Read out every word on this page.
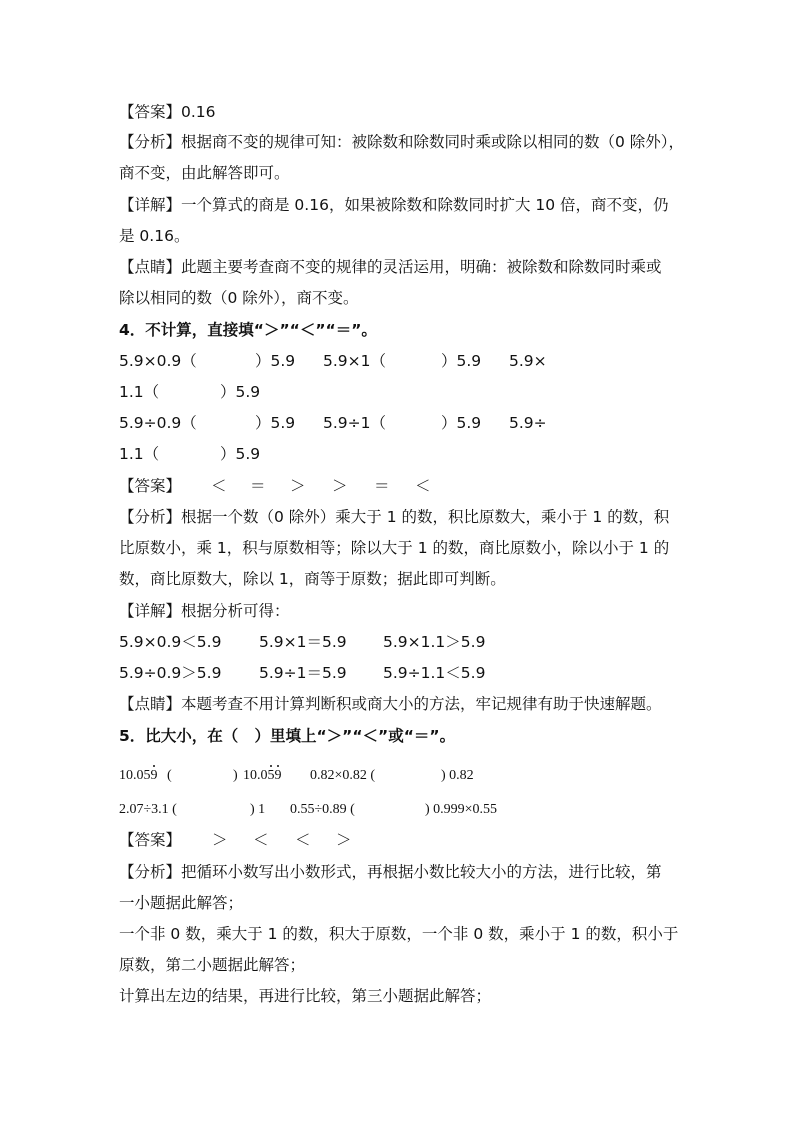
【答案】0.16
【分析】根据商不变的规律可知：被除数和除数同时乘或除以相同的数（0 除外），
商不变，由此解答即可。
【详解】一个算式的商是 0.16，如果被除数和除数同时扩大 10 倍，商不变，仍
是 0.16。
【点睛】此题主要考查商不变的规律的灵活运用，明确：被除数和除数同时乘或
除以相同的数（0 除外），商不变。
4．不计算，直接填“＞”“＜”“＝”。

5.9×0.9（

	）5.9

5.9×1（

	）5.9

5.9×

1.1（

	）5.9

5.9÷0.9（

	）5.9

5.9÷1（

	）5.9

5.9÷

1.1（

	）5.9

【答案】

＜

＝

＞

＞

＝

＜

【分析】根据一个数（0 除外）乘大于 1 的数，积比原数大，乘小于 1 的数，积
比原数小，乘 1，积与原数相等；除以大于 1 的数，商比原数小，除以小于 1 的
数，商比原数大，除以 1，商等于原数；据此即可判断。
【详解】根据分析可得：

5.9×0.9＜5.9

5.9×1＝5.9

5.9×1.1＞5.9

5.9÷0.9＞5.9

5.9÷1＝5.9

5.9÷1.1＜5.9

【点睛】本题考查不用计算判断积或商大小的方法，牢记规律有助于快速解题。
5．比大小，在（   ）里填上“＞”“＜”或“＝”。

10.059

(

	)

10.059

0.82×0.82 (

	) 0.82

2.07÷3.1 (

	) 1

0.55÷0.89 (

	) 0.999×0.55

【答案】

＞

＜

＜

＞

【分析】把循环小数写出小数形式，再根据小数比较大小的方法，进行比较，第
一小题据此解答；
一个非 0 数，乘大于 1 的数，积大于原数，一个非 0 数，乘小于 1 的数，积小于
原数，第二小题据此解答；
计算出左边的结果，再进行比较，第三小题据此解答；
